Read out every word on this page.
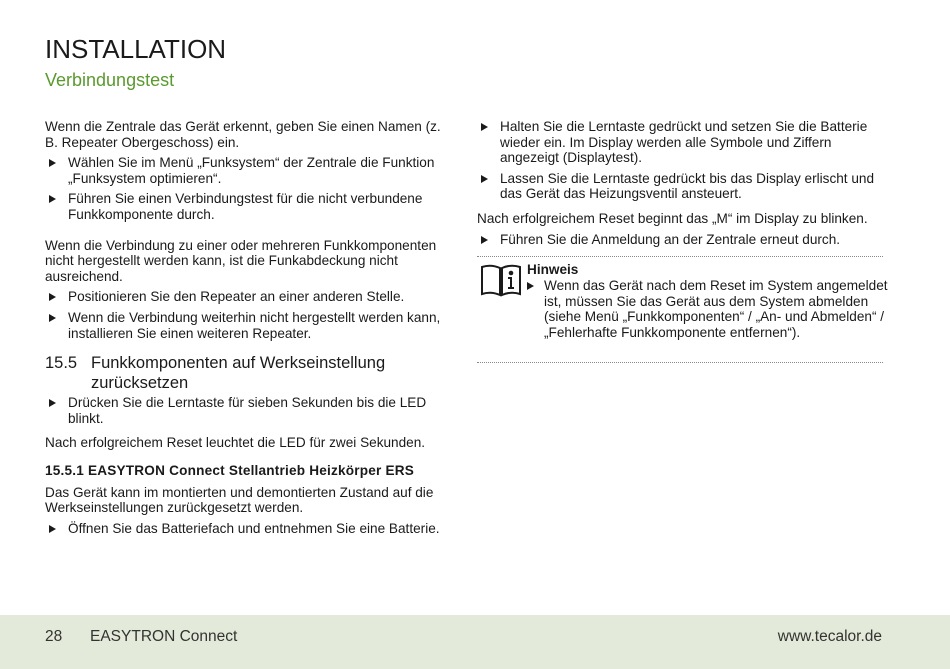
INSTALLATION
Verbindungstest

Wenn die Zentrale das Gerät erkennt, geben Sie einen Namen (z. B. Repeater Obergeschoss) ein.

Wählen Sie im Menü „Funksystem“ der Zentrale die Funktion „Funksystem optimieren“.
Führen Sie einen Verbindungstest für die nicht verbundene Funkkomponente durch.

Wenn die Verbindung zu einer oder mehreren Funkkomponenten nicht hergestellt werden kann, ist die Funkabdeckung nicht ausreichend.

Positionieren Sie den Repeater an einer anderen Stelle.
Wenn die Verbindung weiterhin nicht hergestellt werden kann, installieren Sie einen weiteren Repeater.
15.5 Funkkomponenten auf Werkseinstellung zurücksetzen
Drücken Sie die Lerntaste für sieben Sekunden bis die LED blinkt.

Nach erfolgreichem Reset leuchtet die LED für zwei Sekunden.

15.5.1 EASYTRON Connect Stellantrieb Heizkörper ERS

Das Gerät kann im montierten und demontierten Zustand auf die Werkseinstellungen zurückgesetzt werden.

Öffnen Sie das Batteriefach und entnehmen Sie eine Batterie.
Halten Sie die Lerntaste gedrückt und setzen Sie die Batterie wieder ein. Im Display werden alle Symbole und Ziffern angezeigt (Displaytest).
Lassen Sie die Lerntaste gedrückt bis das Display erlischt und das Gerät das Heizungsventil ansteuert.

Nach erfolgreichem Reset beginnt das „M“ im Display zu blinken.

Führen Sie die Anmeldung an der Zentrale erneut durch.
Hinweis
Wenn das Gerät nach dem Reset im System angemeldet ist, müssen Sie das Gerät aus dem System abmelden (siehe Menü „Funkkomponenten“ / „An- und Abmelden“ / „Fehlerhafte Funkkomponente entfernen“).
28 EASYTRON Connect	www.tecalor.de
